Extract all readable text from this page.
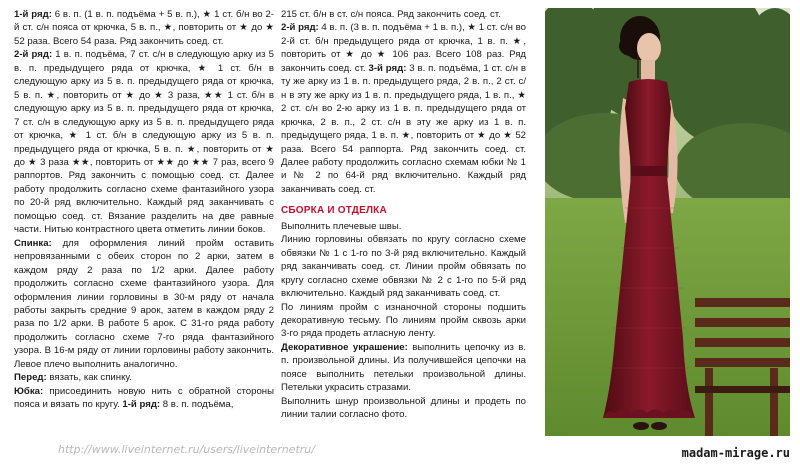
1-й ряд: 6 в. п. (1 в. п. подъёма + 5 в. п.), ★ 1 ст. б/н во 2-й ст. с/н пояса от крючка, 5 в. п., ★, повторить от ★ до ★ 52 раза. Всего 54 раза. Ряд закончить соед. ст.

2-й ряд: 1 в. п. подъёма, 7 ст. с/н в следующую арку из 5 в. п. предыдущего ряда от крючка, ★ 1 ст. б/н в следующую арку из 5 в. п. предыдущего ряда от крючка, 5 в. п. ★, повторить от ★ до ★ 3 раза, ★★ 1 ст. б/н в следующую арку из 5 в. п. предыдущего ряда от крючка, 7 ст. с/н в следующую арку из 5 в. п. предыдущего ряда от крючка, ★ 1 ст. б/н в следующую арку из 5 в. п. предыдущего ряда от крючка, 5 в. п. ★, повторить от ★ до ★ 3 раза ★★, повторить от ★★ до ★★ 7 раз, всего 9 раппортов. Ряд закончить с помощью соед. ст. Далее работу продолжить согласно схеме фантазийного узора по 20-й ряд включительно. Каждый ряд заканчивать с помощью соед. ст. Вязание разделить на две равные части. Нитью контрастного цвета отметить линии боков.

Спинка: для оформления линий пройм оставить непровязанными с обеих сторон по 2 арки, затем в каждом ряду 2 раза по 1/2 арки. Далее работу продолжить согласно схеме фантазийного узора. Для оформления линии горловины в 30-м ряду от начала работы закрыть средние 9 арок, затем в каждом ряду 2 раза по 1/2 арки. В работе 5 арок. С 31-го ряда работу продолжить согласно схеме 7-го ряда фантазийного узора. В 16-м ряду от линии горловины работу закончить. Левое плечо выполнить аналогично.

Перед: вязать, как спинку.

Юбка: присоединить новую нить с обратной стороны пояса и вязать по кругу. 1-й ряд: 8 в. п. подъёма,

215 ст. б/н в ст. с/н пояса. Ряд закончить соед. ст.

2-й ряд: 4 в. п. (3 в. п. подъёма + 1 в. п.), ★ 1 ст. с/н во 2-й ст. б/н предыдущего ряда от крючка, 1 в. п. ★, повторить от ★ до ★ 106 раз. Всего 108 раз. Ряд закончить соед. ст. 3-й ряд: 3 в. п. подъёма, 1 ст. с/н в ту же арку из 1 в. п. предыдущего ряда, 2 в. п., 2 ст. с/н в эту же арку из 1 в. п. предыдущего ряда, 1 в. п., ★ 2 ст. с/н во 2-ю арку из 1 в. п. предыдущего ряда от крючка, 2 в. п., 2 ст. с/н в эту же арку из 1 в. п. предыдущего ряда, 1 в. п. ★, повторить от ★ до ★ 52 раза. Всего 54 раппорта. Ряд закончить соед. ст. Далее работу продолжить согласно схемам юбки № 1 и № 2 по 64-й ряд включительно. Каждый ряд заканчивать соед. ст.

СБОРКА И ОТДЕЛКА

Выполнить плечевые швы.

Линию горловины обвязать по кругу согласно схеме обвязки № 1 с 1-го по 3-й ряд включительно. Каждый ряд заканчивать соед. ст. Линии пройм обвязать по кругу согласно схеме обвязки № 2 с 1-го по 5-й ряд включительно. Каждый ряд заканчивать соед. ст.

По линиям пройм с изнаночной стороны подшить декоративную тесьму. По линиям пройм сквозь арки 3-го ряда продеть атласную ленту.

Декоративное украшение: выполнить цепочку из в. п. произвольной длины. Из получившейся цепочки на поясе выполнить петельки произвольной длины. Петельки украсить стразами.

Выполнить шнур произвольной длины и продеть по линии талии согласно фото.

http://www.liveinternet.ru/users/liveinternetru/	madam-mirage.ru
